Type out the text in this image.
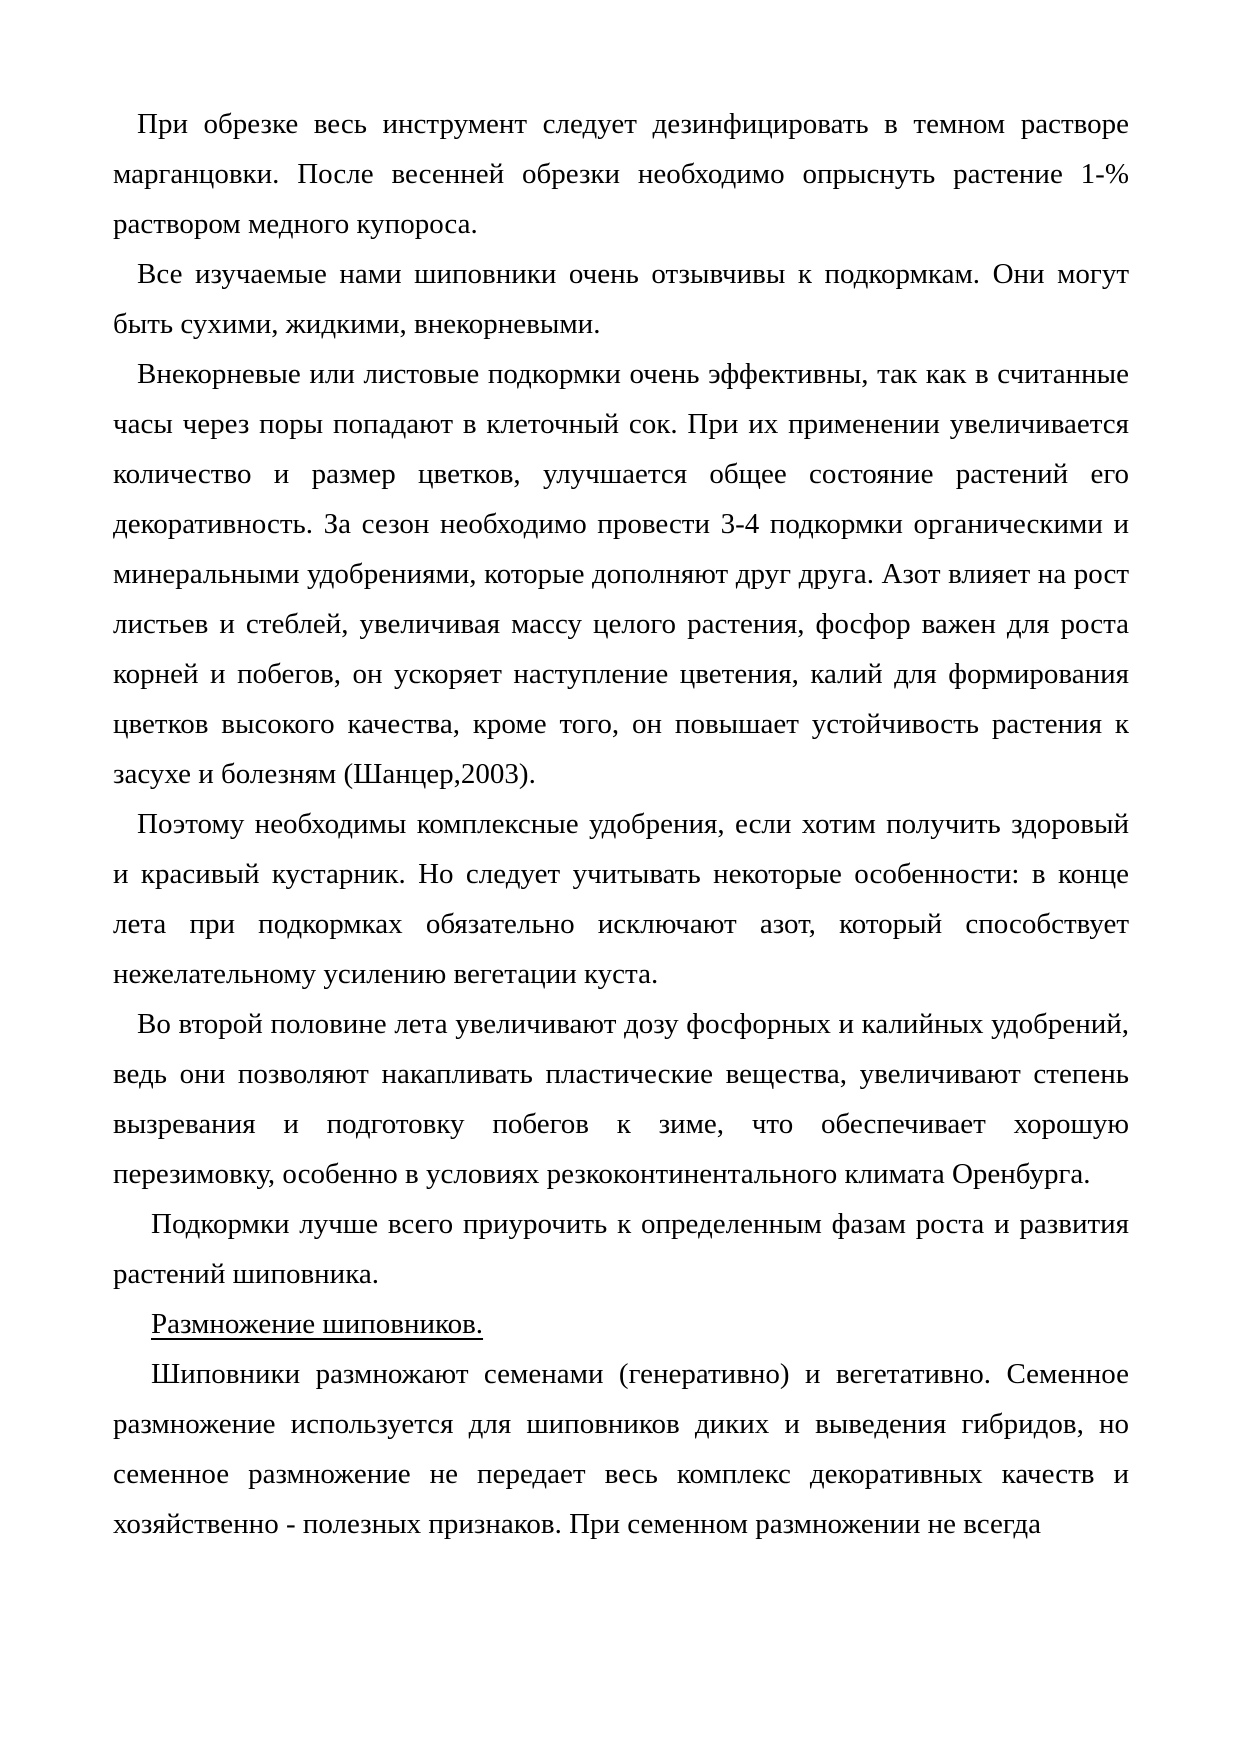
При обрезке весь инструмент следует дезинфицировать в темном растворе марганцовки. После весенней обрезки необходимо опрыснуть растение 1-% раствором медного купороса.

Все изучаемые нами шиповники очень отзывчивы к подкормкам. Они могут быть сухими, жидкими, внекорневыми.

Внекорневые или листовые подкормки очень эффективны, так как в считанные часы через поры попадают в клеточный сок. При их применении увеличивается количество и размер цветков, улучшается общее состояние растений его декоративность. За сезон необходимо провести 3-4 подкормки органическими и минеральными удобрениями, которые дополняют друг друга. Азот влияет на рост листьев и стеблей, увеличивая массу целого растения, фосфор важен для роста корней и побегов, он ускоряет наступление цветения, калий для формирования цветков высокого качества, кроме того, он повышает устойчивость растения к засухе и болезням (Шанцер,2003).

Поэтому необходимы комплексные удобрения, если хотим получить здоровый и красивый кустарник. Но следует учитывать некоторые особенности: в конце лета при подкормках обязательно исключают азот, который способствует нежелательному усилению вегетации куста.

Во второй половине лета увеличивают дозу фосфорных и калийных удобрений, ведь они позволяют накапливать пластические вещества, увеличивают степень вызревания и подготовку побегов к зиме, что обеспечивает хорошую перезимовку, особенно в условиях резкоконтинентального климата Оренбурга.

Подкормки лучше всего приурочить к определенным фазам роста и развития растений шиповника.

Размножение шиповников.

Шиповники размножают семенами (генеративно) и вегетативно. Семенное размножение используется для шиповников диких и выведения гибридов, но семенное размножение не передает весь комплекс декоративных качеств и хозяйственно - полезных признаков. При семенном размножении не всегда
